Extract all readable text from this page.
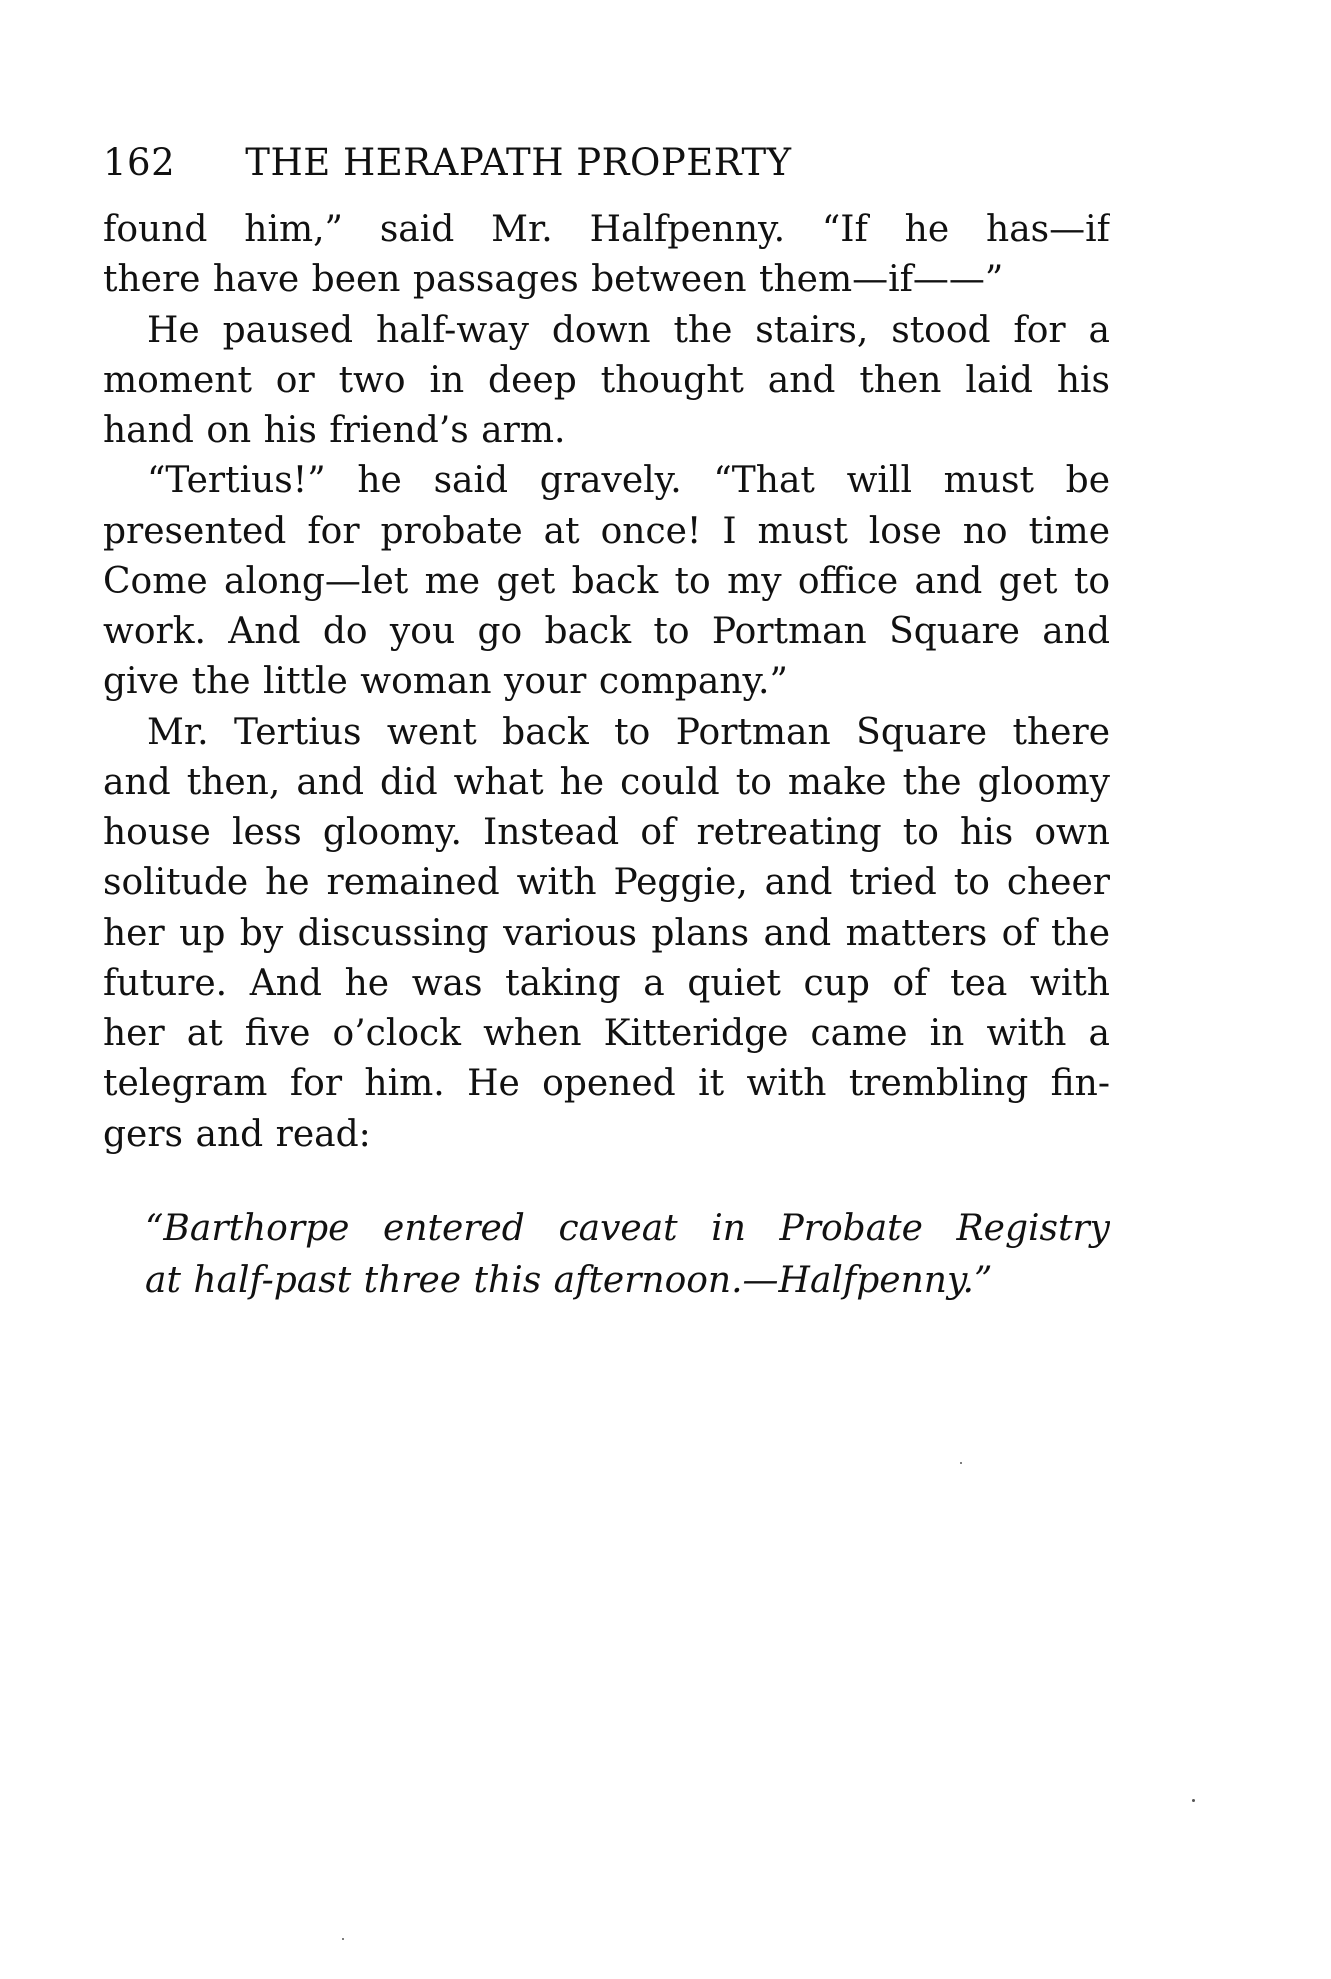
162 THE HERAPATH PROPERTY
found him,” said Mr. Halfpenny. “If he has—if
there have been passages between them—if——”
He paused half-way down the stairs, stood for a
moment or two in deep thought and then laid his
hand on his friend’s arm.
“Tertius!” he said gravely. “That will must be
presented for probate at once! I must lose no time
Come along—let me get back to my office and get to
work. And do you go back to Portman Square and
give the little woman your company.”
Mr. Tertius went back to Portman Square there
and then, and did what he could to make the gloomy
house less gloomy. Instead of retreating to his own
solitude he remained with Peggie, and tried to cheer
her up by discussing various plans and matters of the
future. And he was taking a quiet cup of tea with
her at five o’clock when Kitteridge came in with a
telegram for him. He opened it with trembling fin-
gers and read:
“Barthorpe entered caveat in Probate Registry
at half-past three this afternoon.—Halfpenny.”
